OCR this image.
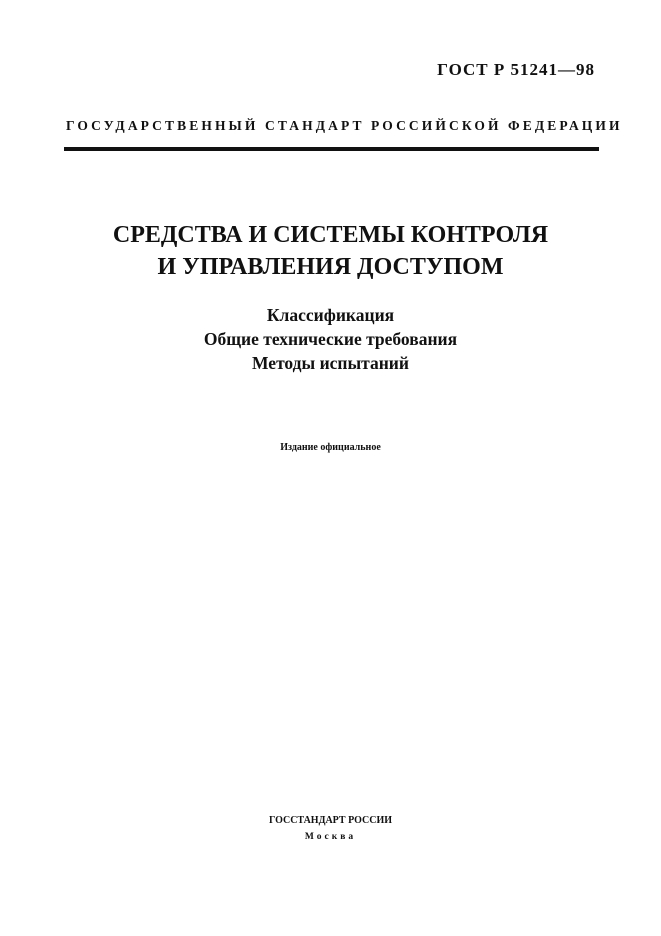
ГОСТ Р 51241—98
ГОСУДАРСТВЕННЫЙ СТАНДАРТ РОССИЙСКОЙ ФЕДЕРАЦИИ
СРЕДСТВА И СИСТЕМЫ КОНТРОЛЯ
И УПРАВЛЕНИЯ ДОСТУПОМ
Классификация
Общие технические требования
Методы испытаний
Издание официальное
ГОССТАНДАРТ РОССИИ
Москва
